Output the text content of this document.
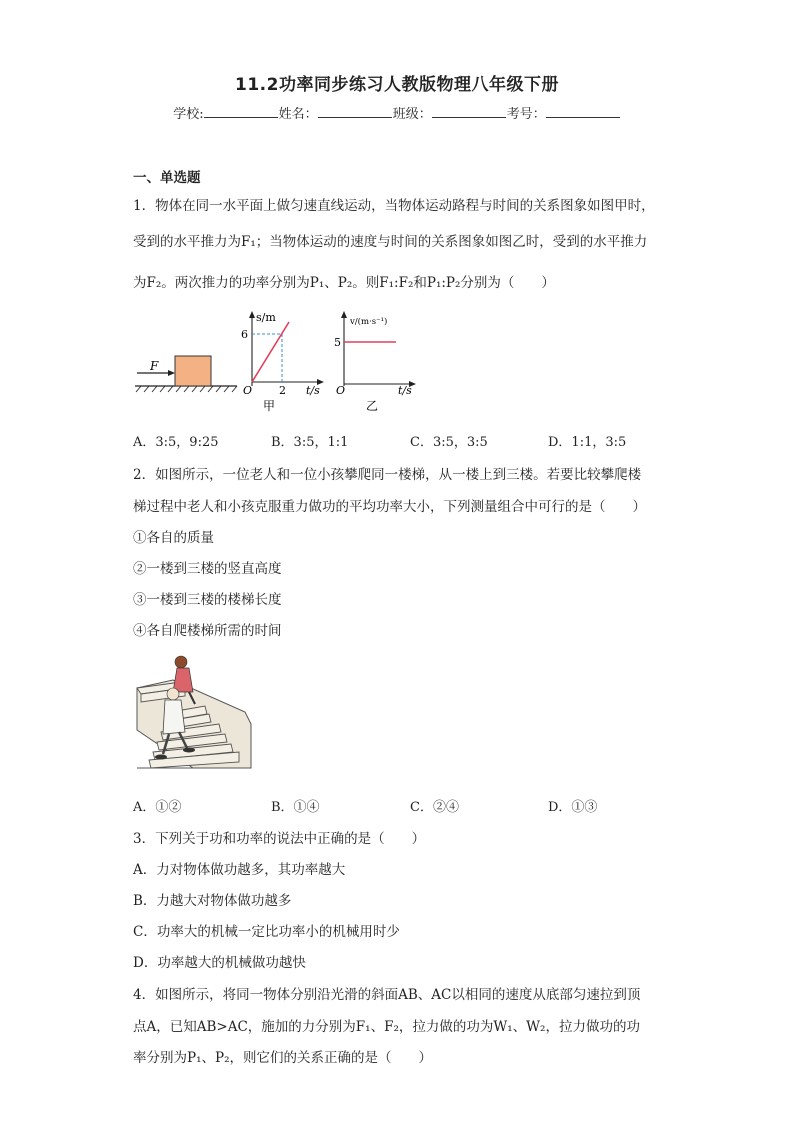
11.2功率同步练习人教版物理八年级下册
学校:	姓名：	班级：	考号：
一、单选题
1．物体在同一水平面上做匀速直线运动，当物体运动路程与时间的关系图象如图甲时，
受到的水平推力为F₁；当物体运动的速度与时间的关系图象如图乙时，受到的水平推力
为F₂。两次推力的功率分别为P₁、P₂。则F₁:F₂和P₁:P₂分别为（　　）
F
s/m
6
O 2 t/s
甲
v/(m·s⁻¹)
5
O	t/s
乙
A．3:5，9:25	B．3:5，1:1	C．3:5，3:5	D．1:1，3:5
2．如图所示，一位老人和一位小孩攀爬同一楼梯，从一楼上到三楼。若要比较攀爬楼
梯过程中老人和小孩克服重力做功的平均功率大小，下列测量组合中可行的是（　　）
①各自的质量
②一楼到三楼的竖直高度
③一楼到三楼的楼梯长度
④各自爬楼梯所需的时间
A．①②	B．①④	C．②④	D．①③
3．下列关于功和功率的说法中正确的是（　　）
A．力对物体做功越多，其功率越大
B．力越大对物体做功越多
C．功率大的机械一定比功率小的机械用时少
D．功率越大的机械做功越快
4．如图所示，将同一物体分别沿光滑的斜面AB、AC以相同的速度从底部匀速拉到顶
点A，已知AB>AC，施加的力分别为F₁、F₂，拉力做的功为W₁、W₂，拉力做功的功
率分别为P₁、P₂，则它们的关系正确的是（　　）
